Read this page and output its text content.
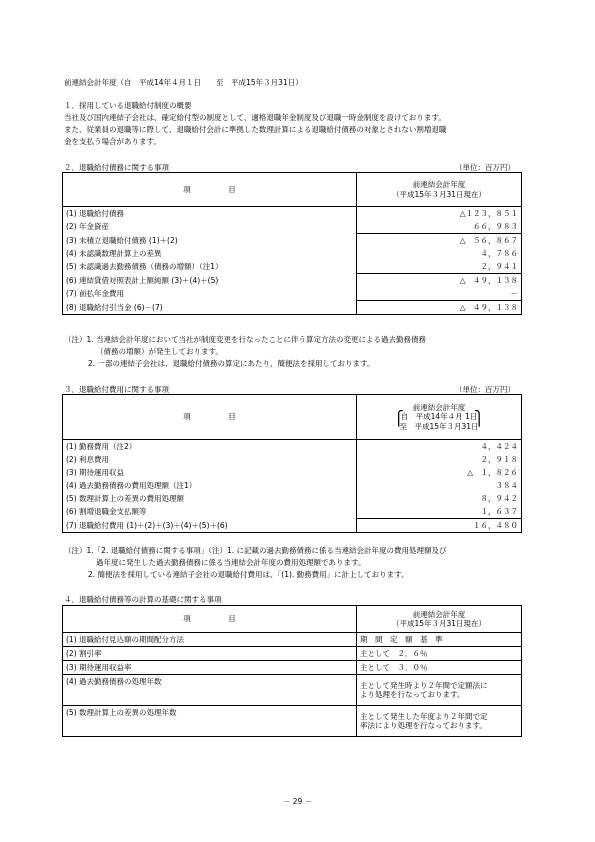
前連結会計年度（自　平成14年４月１日　　至　平成15年３月31日）
１．採用している退職給付制度の概要
当社及び国内連結子会社は、確定給付型の制度として、適格退職年金制度及び退職一時金制度を設けております。
また、従業員の退職等に際して、退職給付会計に準拠した数理計算による退職給付債務の対象とされない割増退職
金を支払う場合があります。
２．退職給付債務に関する事項	（単位：百万円）
項　　　　　目	前連結会計年度
（平成15年３月31日現在）

(1) 退職給付債務	△１２３，８５１
(2) 年金資産	６６，９８３
(3) 未積立退職給付債務 (1)＋(2)	△　５６，８６７
(4) 未認識数理計算上の差異	４，７８６
(5) 未認識過去勤務債務（債務の増額）（注1）	２，９４１
(6) 連結貸借対照表計上額純額 (3)＋(4)＋(5)	△　４９，１３８
(7) 前払年金費用	－
(8) 退職給付引当金 (6)－(7)	△　４９，１３８
（注）1. 当連結会計年度において当社が制度変更を行なったことに伴う算定方法の変更による過去勤務債務
（債務の増額）が発生しております。
2. 一部の連結子会社は、退職給付債務の算定にあたり、簡便法を採用しております。
３．退職給付費用に関する事項	（単位：百万円）
項　　　　　目	前連結会計年度
⎧
自　平成14年４月 1日
至　平成15年３月31日
⎫

(1) 勤務費用（注2）	４，４２４
(2) 利息費用	２，９１８
(3) 期待運用収益	△　１，８２６
(4) 過去勤務債務の費用処理額（注1）	３８４
(5) 数理計算上の差異の費用処理額	８，９４２
(6) 割増退職金支払額等	１，６３７
(7) 退職給付費用 (1)＋(2)＋(3)＋(4)＋(5)＋(6)	１６，４８０
（注）1.「2. 退職給付債務に関する事項」（注）1. に記載の過去勤務債務に係る当連結会計年度の費用処理額及び
過年度に発生した過去勤務債務に係る当連結会計年度の費用処理額であります。
2. 簡便法を採用している連結子会社の退職給付費用は、「(1). 勤務費用」に計上しております。
４．退職給付債務等の計算の基礎に関する事項
項　　　　　目	前連結会計年度
（平成15年３月31日現在）

(1) 退職給付見込額の期間配分方法	期　間　定　額　基　準
(2) 割引率	主として　２．６％
(3) 期待運用収益率	主として　３．０％
(4) 過去勤務債務の処理年数	主として発生時より２年間で定額法に
より処理を行なっております。

(5) 数理計算上の差異の処理年数	主として発生した年度より２年間で定
率法により処理を行なっております。
－ 29 －
